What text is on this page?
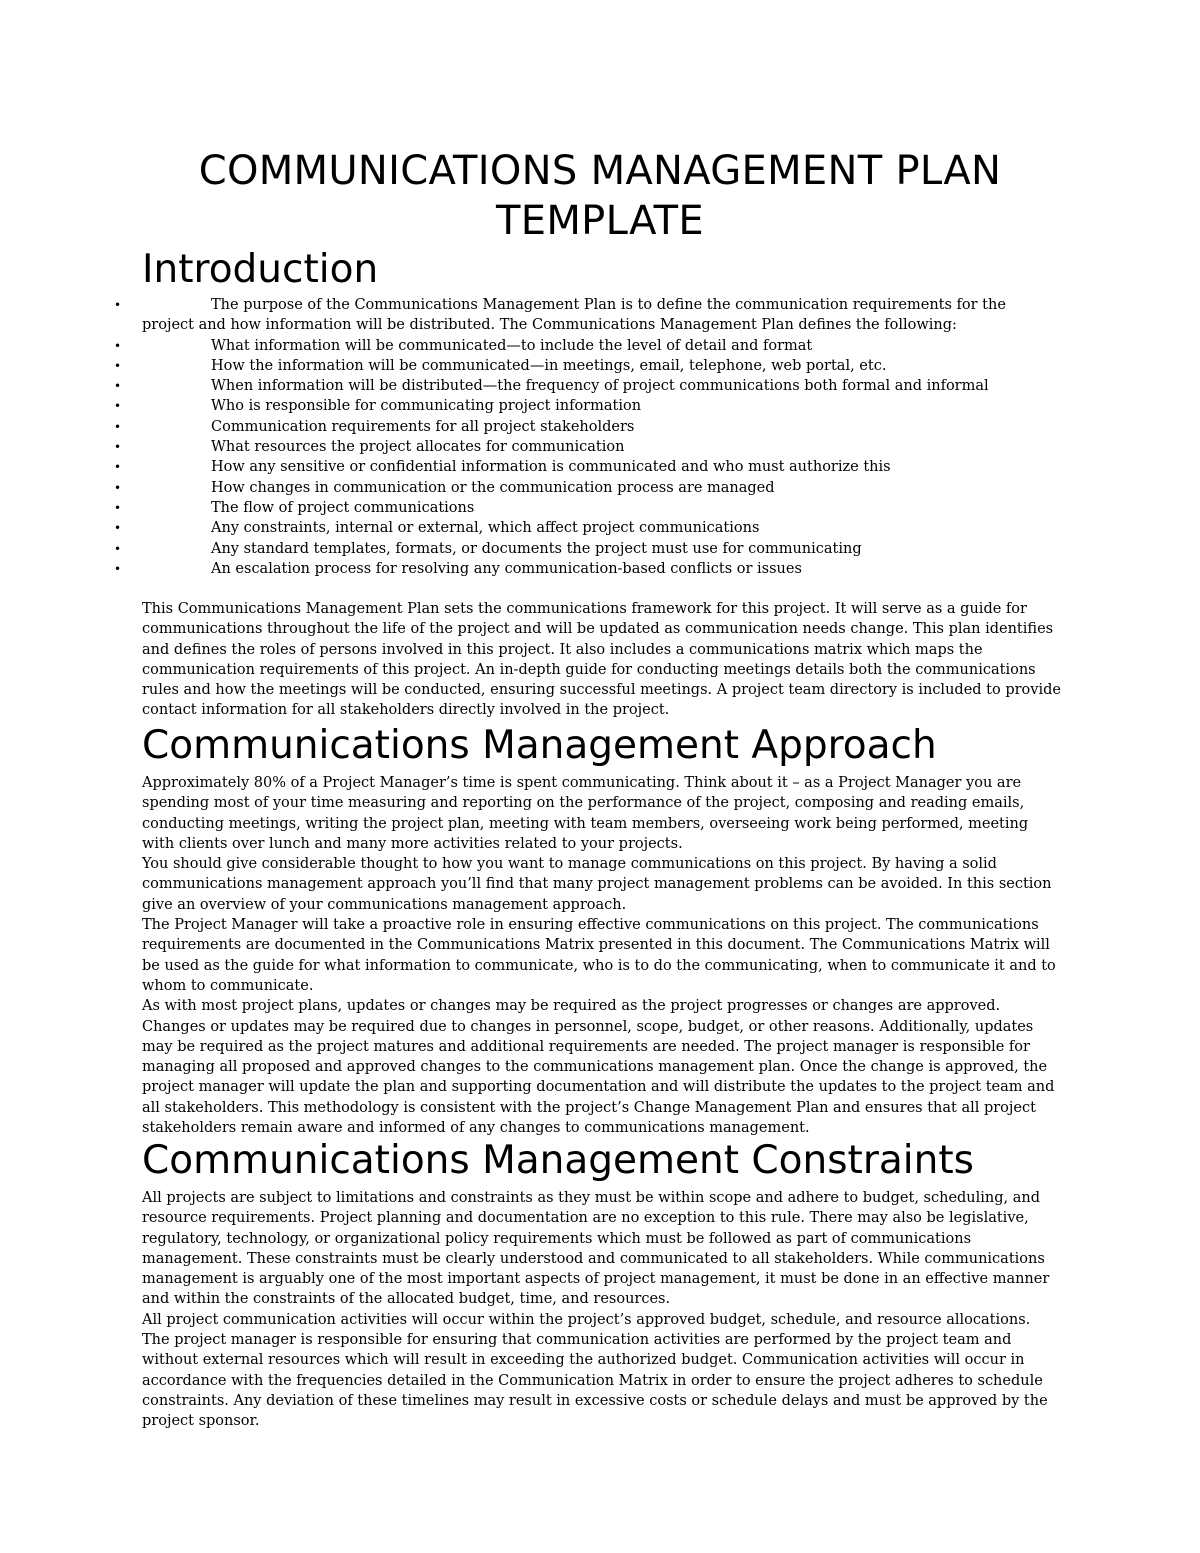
COMMUNICATIONS MANAGEMENT PLAN
TEMPLATE
Introduction
•	The purpose of the Communications Management Plan is to define the communication requirements for the project and how information will be distributed. The Communications Management Plan defines the following:
•	What information will be communicated—to include the level of detail and format
•	How the information will be communicated—in meetings, email, telephone, web portal, etc.
•	When information will be distributed—the frequency of project communications both formal and informal
•	Who is responsible for communicating project information
•	Communication requirements for all project stakeholders
•	What resources the project allocates for communication
•	How any sensitive or confidential information is communicated and who must authorize this
•	How changes in communication or the communication process are managed
•	The flow of project communications
•	Any constraints, internal or external, which affect project communications
•	Any standard templates, formats, or documents the project must use for communicating
•	An escalation process for resolving any communication-based conflicts or issues

This Communications Management Plan sets the communications framework for this project. It will serve as a guide for communications throughout the life of the project and will be updated as communication needs change. This plan identifies and defines the roles of persons involved in this project. It also includes a communications matrix which maps the communication requirements of this project. An in-depth guide for conducting meetings details both the communications rules and how the meetings will be conducted, ensuring successful meetings. A project team directory is included to provide contact information for all stakeholders directly involved in the project.

Communications Management Approach

Approximately 80% of a Project Manager’s time is spent communicating. Think about it – as a Project Manager you are spending most of your time measuring and reporting on the performance of the project, composing and reading emails, conducting meetings, writing the project plan, meeting with team members, overseeing work being performed, meeting with clients over lunch and many more activities related to your projects.

You should give considerable thought to how you want to manage communications on this project. By having a solid communications management approach you’ll find that many project management problems can be avoided. In this section give an overview of your communications management approach.

The Project Manager will take a proactive role in ensuring effective communications on this project. The communications requirements are documented in the Communications Matrix presented in this document. The Communications Matrix will be used as the guide for what information to communicate, who is to do the communicating, when to communicate it and to whom to communicate.

As with most project plans, updates or changes may be required as the project progresses or changes are approved. Changes or updates may be required due to changes in personnel, scope, budget, or other reasons. Additionally, updates may be required as the project matures and additional requirements are needed. The project manager is responsible for managing all proposed and approved changes to the communications management plan. Once the change is approved, the project manager will update the plan and supporting documentation and will distribute the updates to the project team and all stakeholders. This methodology is consistent with the project’s Change Management Plan and ensures that all project stakeholders remain aware and informed of any changes to communications management.

Communications Management Constraints

All projects are subject to limitations and constraints as they must be within scope and adhere to budget, scheduling, and resource requirements. Project planning and documentation are no exception to this rule. There may also be legislative, regulatory, technology, or organizational policy requirements which must be followed as part of communications management. These constraints must be clearly understood and communicated to all stakeholders. While communications management is arguably one of the most important aspects of project management, it must be done in an effective manner and within the constraints of the allocated budget, time, and resources.

All project communication activities will occur within the project’s approved budget, schedule, and resource allocations. The project manager is responsible for ensuring that communication activities are performed by the project team and without external resources which will result in exceeding the authorized budget. Communication activities will occur in accordance with the frequencies detailed in the Communication Matrix in order to ensure the project adheres to schedule constraints. Any deviation of these timelines may result in excessive costs or schedule delays and must be approved by the project sponsor.
